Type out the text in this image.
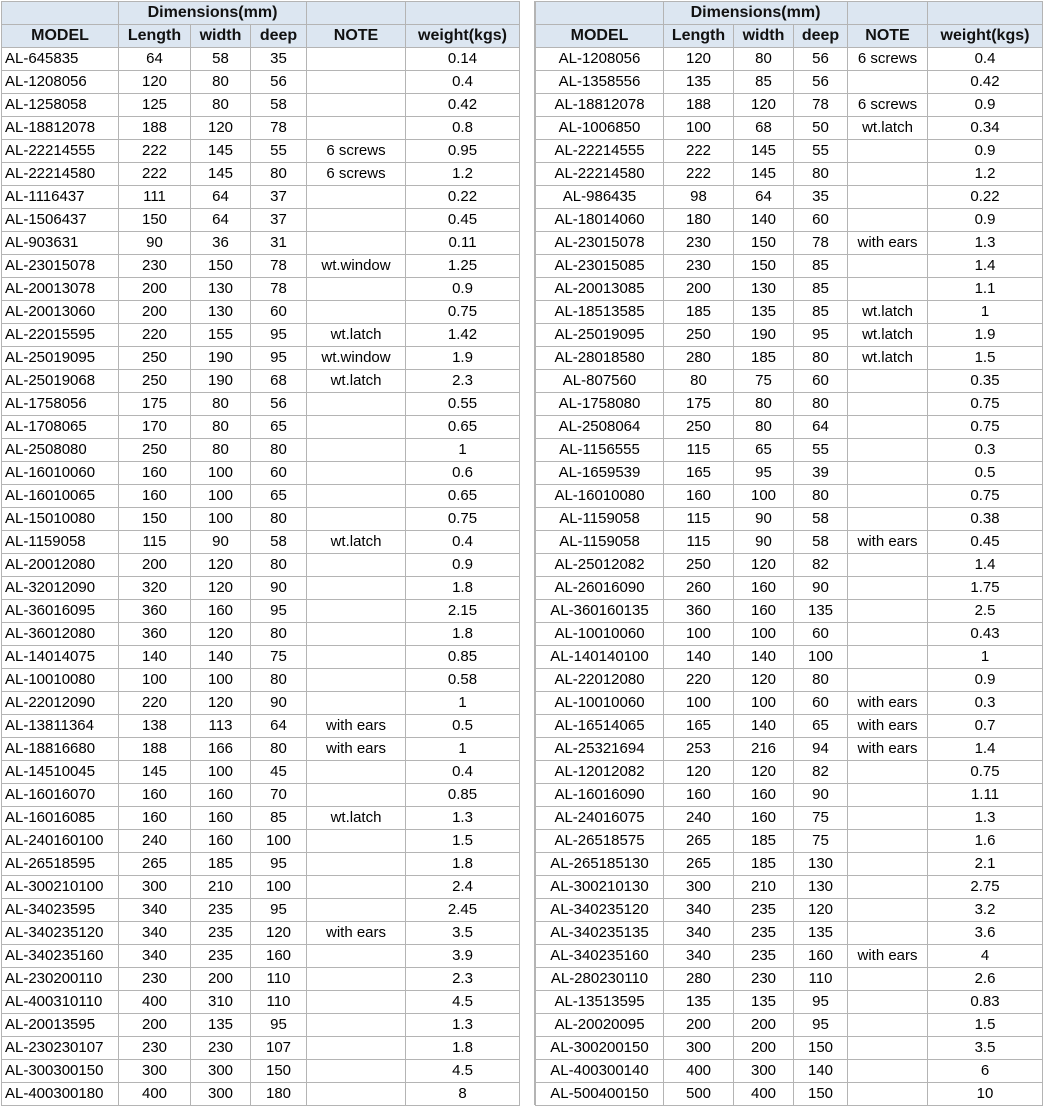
	Dimensions(mm)				
MODEL	Length	width	deep	NOTE	weight(kgs)
AL-645835	64	58	35		0.14
AL-1208056	120	80	56		0.4
AL-1258058	125	80	58		0.42
AL-18812078	188	120	78		0.8
AL-22214555	222	145	55	6 screws	0.95
AL-22214580	222	145	80	6 screws	1.2
AL-1116437	111	64	37		0.22
AL-1506437	150	64	37		0.45
AL-903631	90	36	31		0.11
AL-23015078	230	150	78	wt.window	1.25
AL-20013078	200	130	78		0.9
AL-20013060	200	130	60		0.75
AL-22015595	220	155	95	wt.latch	1.42
AL-25019095	250	190	95	wt.window	1.9
AL-25019068	250	190	68	wt.latch	2.3
AL-1758056	175	80	56		0.55
AL-1708065	170	80	65		0.65
AL-2508080	250	80	80		1
AL-16010060	160	100	60		0.6
AL-16010065	160	100	65		0.65
AL-15010080	150	100	80		0.75
AL-1159058	115	90	58	wt.latch	0.4
AL-20012080	200	120	80		0.9
AL-32012090	320	120	90		1.8
AL-36016095	360	160	95		2.15
AL-36012080	360	120	80		1.8
AL-14014075	140	140	75		0.85
AL-10010080	100	100	80		0.58
AL-22012090	220	120	90		1
AL-13811364	138	113	64	with ears	0.5
AL-18816680	188	166	80	with ears	1
AL-14510045	145	100	45		0.4
AL-16016070	160	160	70		0.85
AL-16016085	160	160	85	wt.latch	1.3
AL-240160100	240	160	100		1.5
AL-26518595	265	185	95		1.8
AL-300210100	300	210	100		2.4
AL-34023595	340	235	95		2.45
AL-340235120	340	235	120	with ears	3.5
AL-340235160	340	235	160		3.9
AL-230200110	230	200	110		2.3
AL-400310110	400	310	110		4.5
AL-20013595	200	135	95		1.3
AL-230230107	230	230	107		1.8
AL-300300150	300	300	150		4.5
AL-400300180	400	300	180		8
	Dimensions(mm)				
MODEL	Length	width	deep	NOTE	weight(kgs)
AL-1208056	120	80	56	6 screws	0.4
AL-1358556	135	85	56		0.42
AL-18812078	188	120	78	6 screws	0.9
AL-1006850	100	68	50	wt.latch	0.34
AL-22214555	222	145	55		0.9
AL-22214580	222	145	80		1.2
AL-986435	98	64	35		0.22
AL-18014060	180	140	60		0.9
AL-23015078	230	150	78	with ears	1.3
AL-23015085	230	150	85		1.4
AL-20013085	200	130	85		1.1
AL-18513585	185	135	85	wt.latch	1
AL-25019095	250	190	95	wt.latch	1.9
AL-28018580	280	185	80	wt.latch	1.5
AL-807560	80	75	60		0.35
AL-1758080	175	80	80		0.75
AL-2508064	250	80	64		0.75
AL-1156555	115	65	55		0.3
AL-1659539	165	95	39		0.5
AL-16010080	160	100	80		0.75
AL-1159058	115	90	58		0.38
AL-1159058	115	90	58	with ears	0.45
AL-25012082	250	120	82		1.4
AL-26016090	260	160	90		1.75
AL-360160135	360	160	135		2.5
AL-10010060	100	100	60		0.43
AL-140140100	140	140	100		1
AL-22012080	220	120	80		0.9
AL-10010060	100	100	60	with ears	0.3
AL-16514065	165	140	65	with ears	0.7
AL-25321694	253	216	94	with ears	1.4
AL-12012082	120	120	82		0.75
AL-16016090	160	160	90		1.11
AL-24016075	240	160	75		1.3
AL-26518575	265	185	75		1.6
AL-265185130	265	185	130		2.1
AL-300210130	300	210	130		2.75
AL-340235120	340	235	120		3.2
AL-340235135	340	235	135		3.6
AL-340235160	340	235	160	with ears	4
AL-280230110	280	230	110		2.6
AL-13513595	135	135	95		0.83
AL-20020095	200	200	95		1.5
AL-300200150	300	200	150		3.5
AL-400300140	400	300	140		6
AL-500400150	500	400	150		10
